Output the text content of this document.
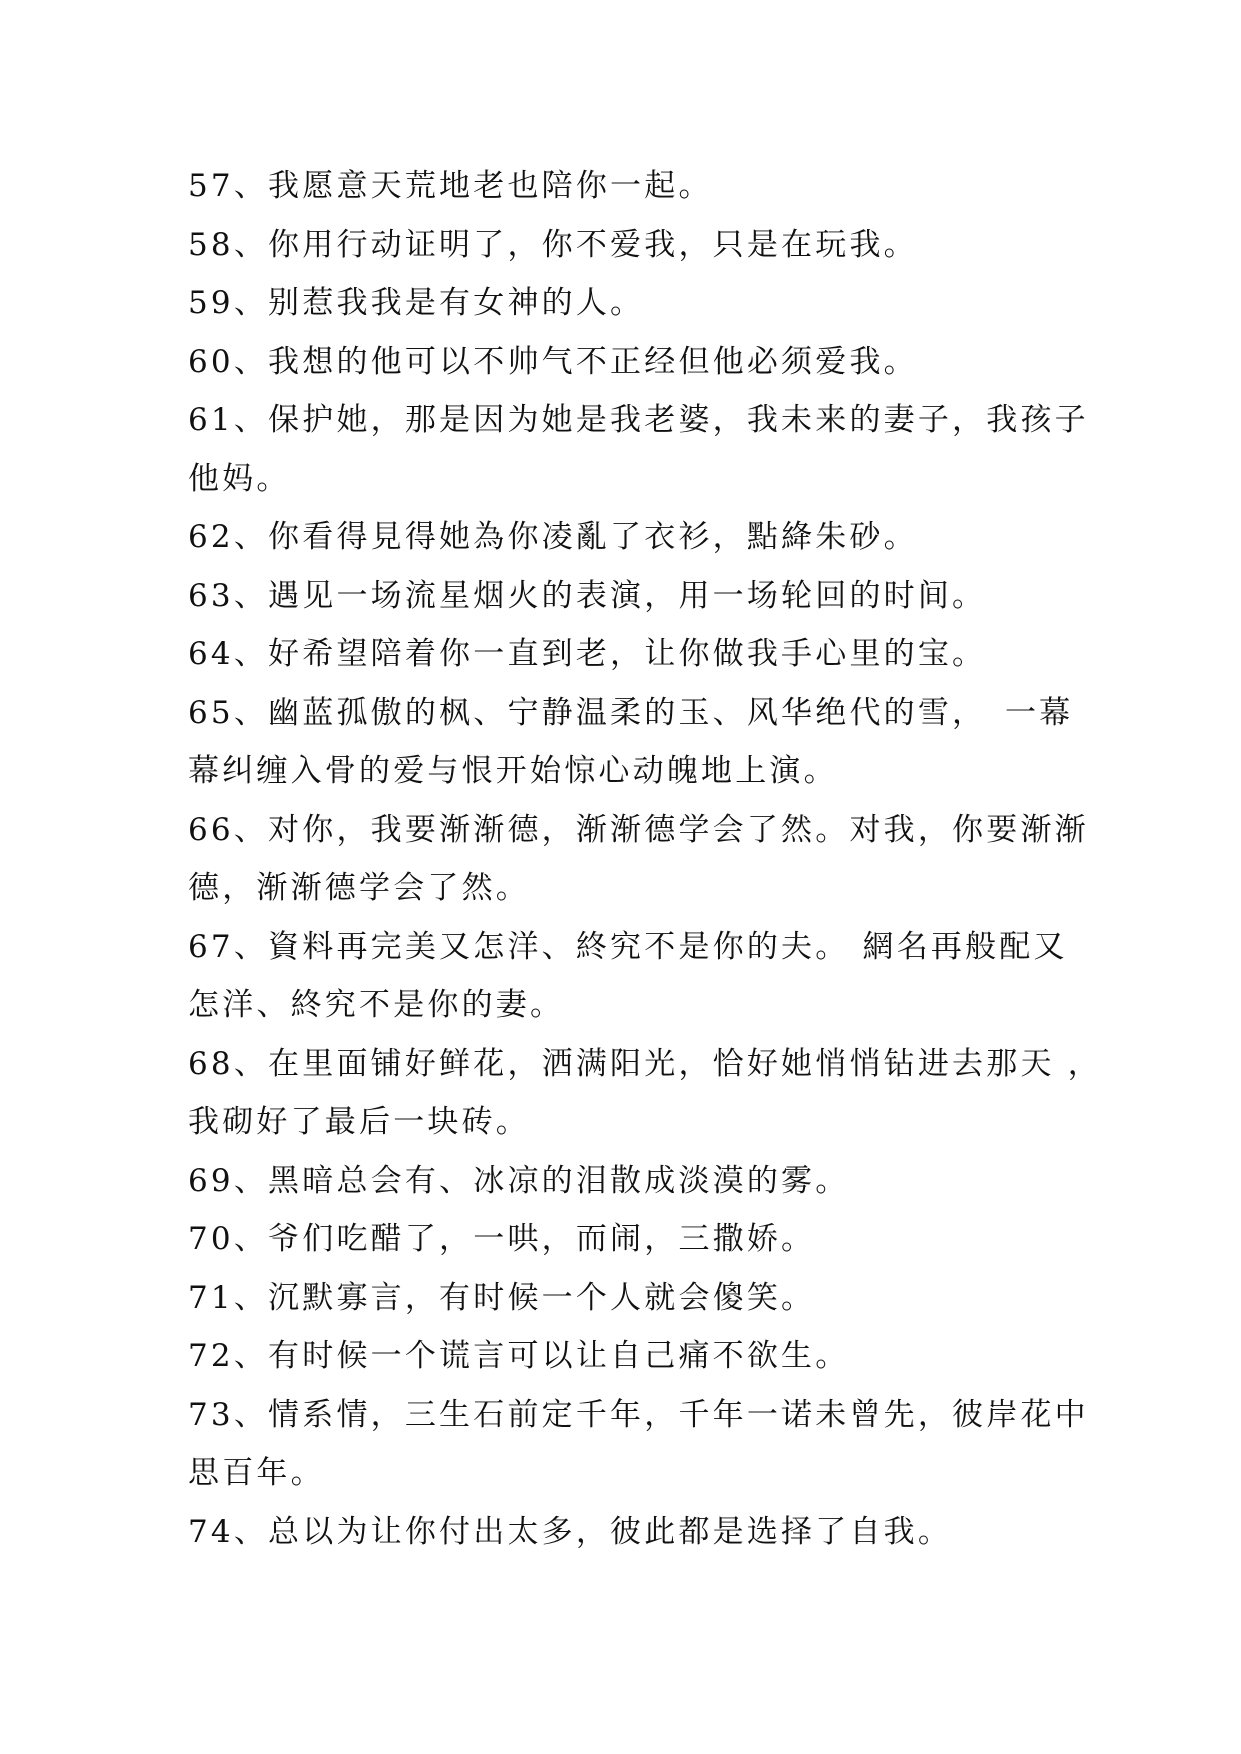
57、我愿意天荒地老也陪你一起。
58、你用行动证明了，你不爱我，只是在玩我。
59、别惹我我是有女神的人。
60、我想的他可以不帅气不正经但他必须爱我。
61、保护她，那是因为她是我老婆，我未来的妻子，我孩子
他妈。
62、你看得見得她為你凌亂了衣衫，點絳朱砂。
63、遇见一场流星烟火的表演，用一场轮回的时间。
64、好希望陪着你一直到老，让你做我手心里的宝。
65、幽蓝孤傲的枫、宁静温柔的玉、风华绝代的雪，　一幕
幕纠缠入骨的爱与恨开始惊心动魄地上演。
66、对你，我要渐渐德，渐渐德学会了然。对我，你要渐渐
德，渐渐德学会了然。
67、資料再完美又怎洋、終究不是你的夫。 網名再般配又
怎洋、終究不是你的妻。
68、在里面铺好鲜花，洒满阳光，恰好她悄悄钻进去那天 ，
我砌好了最后一块砖。
69、黑暗总会有、冰凉的泪散成淡漠的雾。
70、爷们吃醋了，一哄，而闹，三撒娇。
71、沉默寡言，有时候一个人就会傻笑。
72、有时候一个谎言可以让自己痛不欲生。
73、情系情，三生石前定千年，千年一诺未曾先，彼岸花中
思百年。
74、总以为让你付出太多，彼此都是选择了自我。
